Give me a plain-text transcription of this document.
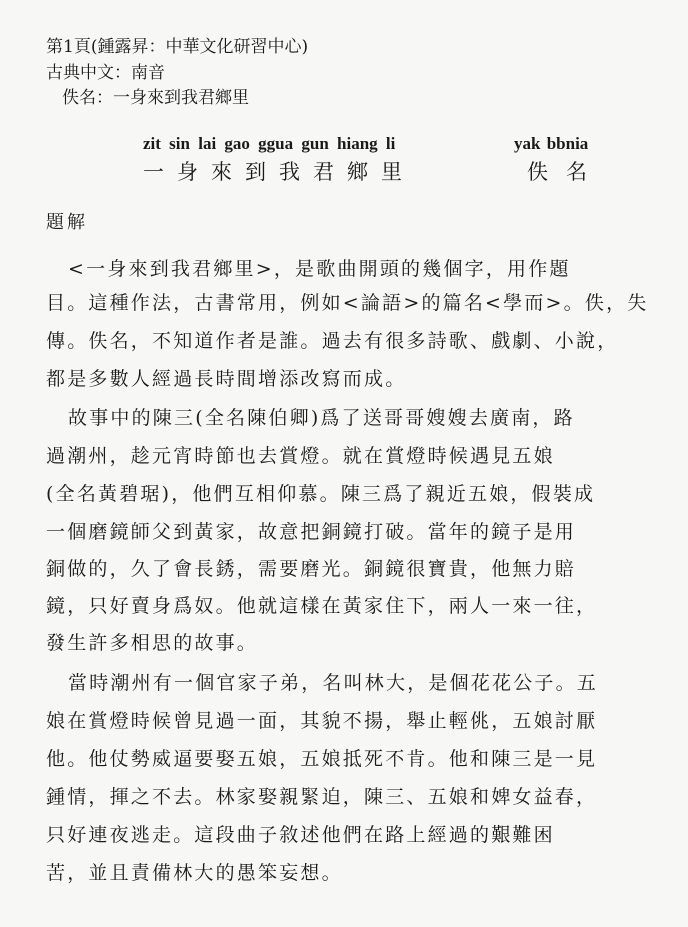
第1頁(鍾露昇：中華文化研習中心)
古典中文：南音
佚名：一身來到我君鄉里
zit sin lai gao ggua gun hiang li	yak bbnia
一身來到我君鄉里	佚名
題解
<一身來到我君鄉里>，是歌曲開頭的幾個字，用作題
目。這種作法，古書常用，例如<論語>的篇名<學而>。佚，失
傳。佚名，不知道作者是誰。過去有很多詩歌、戲劇、小說，
都是多數人經過長時間增添改寫而成。
故事中的陳三(全名陳伯卿)爲了送哥哥嫂嫂去廣南，路
過潮州，趁元宵時節也去賞燈。就在賞燈時候遇見五娘
(全名黃碧琚)，他們互相仰慕。陳三爲了親近五娘，假裝成
一個磨鏡師父到黃家，故意把銅鏡打破。當年的鏡子是用
銅做的，久了會長銹，需要磨光。銅鏡很寶貴，他無力賠
鏡，只好賣身爲奴。他就這樣在黃家住下，兩人一來一往，
發生許多相思的故事。
當時潮州有一個官家子弟，名叫林大，是個花花公子。五
娘在賞燈時候曾見過一面，其貌不揚，舉止輕佻，五娘討厭
他。他仗勢威逼要娶五娘，五娘抵死不肯。他和陳三是一見
鍾情，揮之不去。林家娶親緊迫，陳三、五娘和婢女益春，
只好連夜逃走。這段曲子敘述他們在路上經過的艱難困
苦，並且責備林大的愚笨妄想。
